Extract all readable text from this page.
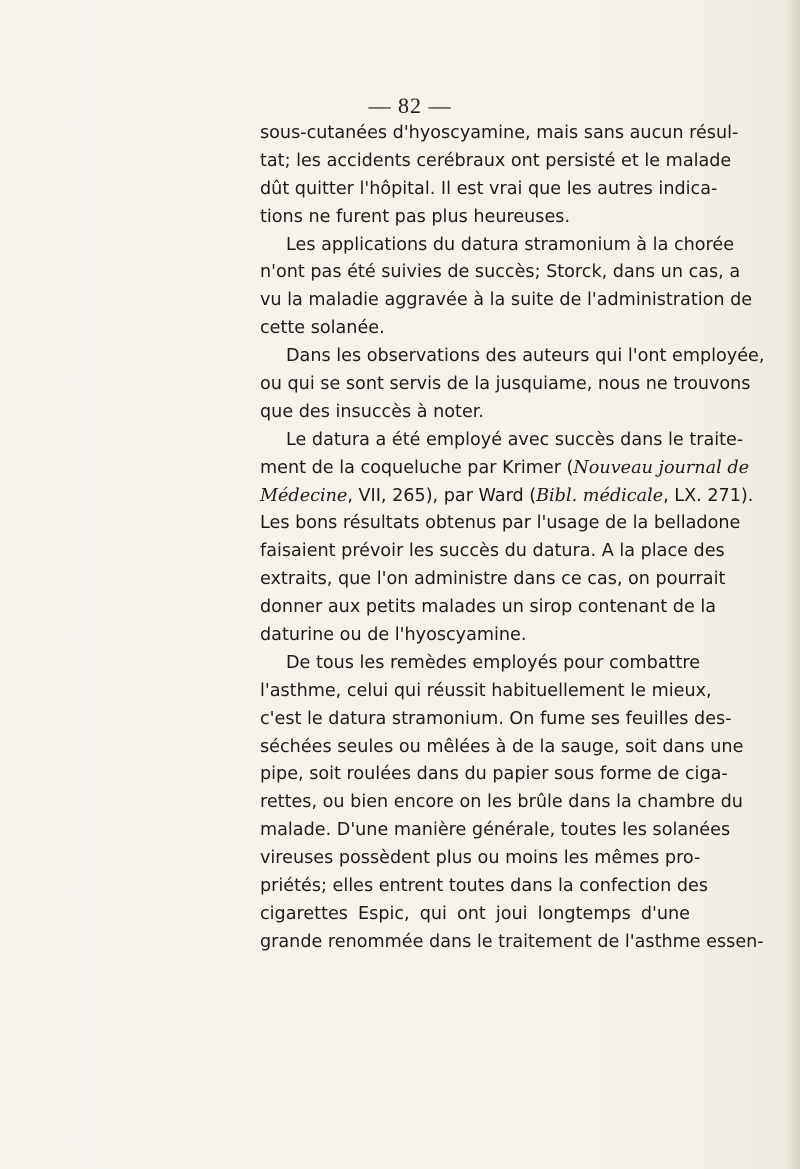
— 82 —
sous-cutanées d'hyoscyamine, mais sans aucun résul-
tat; les accidents cerébraux ont persisté et le malade
dût quitter l'hôpital. Il est vrai que les autres indica-
tions ne furent pas plus heureuses.
Les applications du datura stramonium à la chorée
n'ont pas été suivies de succès; Storck, dans un cas, a
vu la maladie aggravée à la suite de l'administration de
cette solanée.
Dans les observations des auteurs qui l'ont employée,
ou qui se sont servis de la jusquiame, nous ne trouvons
que des insuccès à noter.
Le datura a été employé avec succès dans le traite-
ment de la coqueluche par Krimer (Nouveau journal de
Médecine, VII, 265), par Ward (Bibl. médicale, LX. 271).
Les bons résultats obtenus par l'usage de la belladone
faisaient prévoir les succès du datura. A la place des
extraits, que l'on administre dans ce cas, on pourrait
donner aux petits malades un sirop contenant de la
daturine ou de l'hyoscyamine.
De tous les remèdes employés pour combattre
l'asthme, celui qui réussit habituellement le mieux,
c'est le datura stramonium. On fume ses feuilles des-
séchées seules ou mêlées à de la sauge, soit dans une
pipe, soit roulées dans du papier sous forme de ciga-
rettes, ou bien encore on les brûle dans la chambre du
malade. D'une manière générale, toutes les solanées
vireuses possèdent plus ou moins les mêmes pro-
priétés; elles entrent toutes dans la confection des
cigarettes Espic, qui ont joui longtemps d'une
grande renommée dans le traitement de l'asthme essen-
